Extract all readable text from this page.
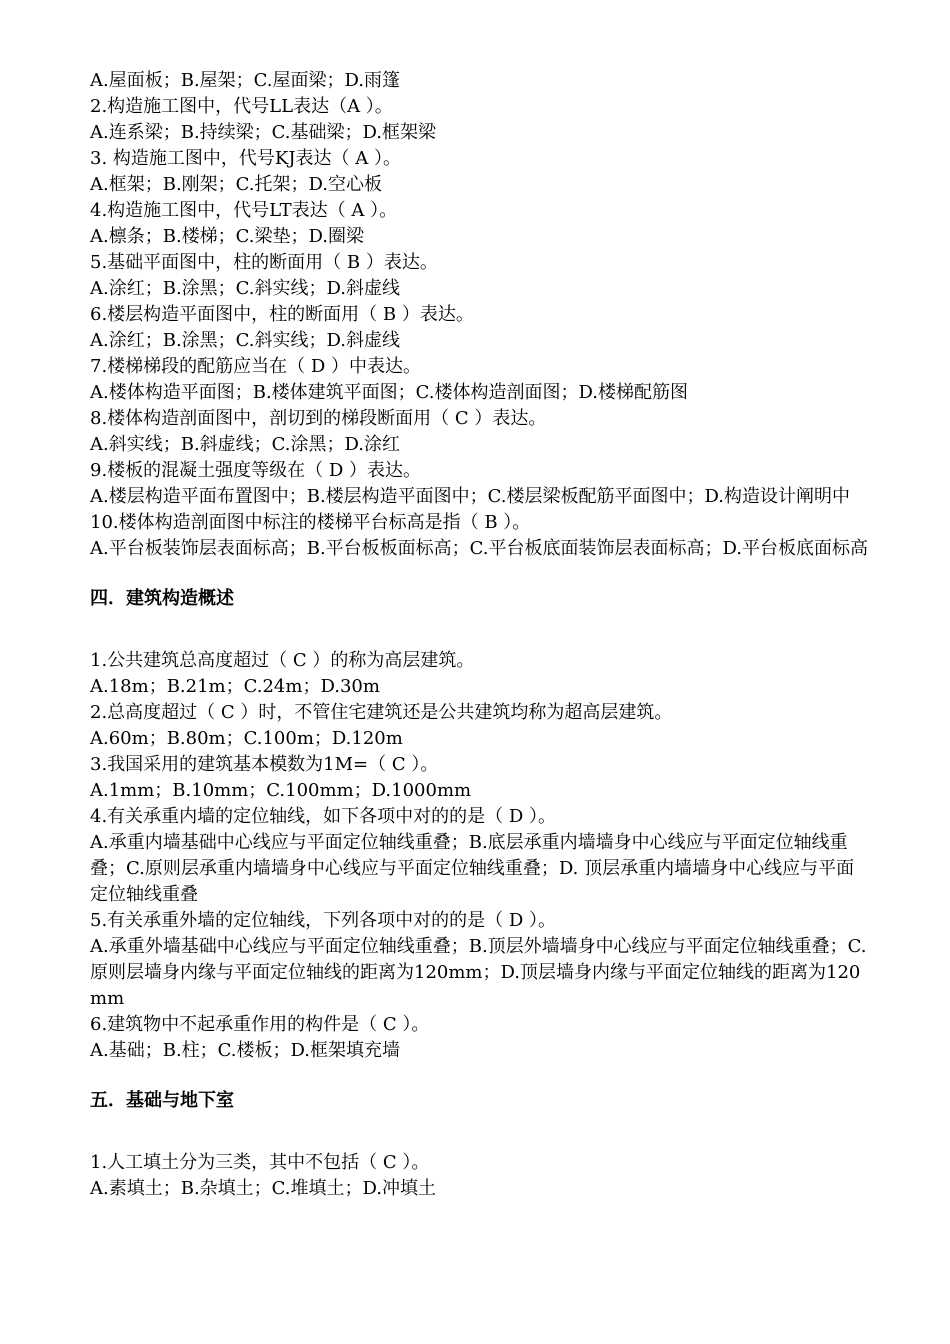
A.屋面板；B.屋架；C.屋面梁；D.雨篷

2.构造施工图中，代号LL表达（A ）。

A.连系梁；B.持续梁；C.基础梁；D.框架梁

3. 构造施工图中，代号KJ表达（ A ）。

A.框架；B.刚架；C.托架；D.空心板

4.构造施工图中，代号LT表达（ A ）。

A.檩条；B.楼梯；C.梁垫；D.圈梁

5.基础平面图中，柱的断面用（ B ）表达。

A.涂红；B.涂黑；C.斜实线；D.斜虚线

6.楼层构造平面图中，柱的断面用（ B ）表达。

A.涂红；B.涂黑；C.斜实线；D.斜虚线

7.楼梯梯段的配筋应当在（ D ）中表达。

A.楼体构造平面图；B.楼体建筑平面图；C.楼体构造剖面图；D.楼梯配筋图

8.楼体构造剖面图中，剖切到的梯段断面用（ C ）表达。

A.斜实线；B.斜虚线；C.涂黑；D.涂红

9.楼板的混凝土强度等级在（ D ）表达。

A.楼层构造平面布置图中；B.楼层构造平面图中；C.楼层梁板配筋平面图中；D.构造设计阐明中

10.楼体构造剖面图中标注的楼梯平台标高是指（ B ）。

A.平台板装饰层表面标高；B.平台板板面标高；C.平台板底面装饰层表面标高；D.平台板底面标高

四．建筑构造概述

1.公共建筑总高度超过（ C ）的称为高层建筑。

A.18m；B.21m；C.24m；D.30m

2.总高度超过（ C ）时，不管住宅建筑还是公共建筑均称为超高层建筑。

A.60m；B.80m；C.100m；D.120m

3.我国采用的建筑基本模数为1M=（ C ）。

A.1mm；B.10mm；C.100mm；D.1000mm

4.有关承重内墙的定位轴线，如下各项中对的的是（ D ）。

A.承重内墙基础中心线应与平面定位轴线重叠；B.底层承重内墙墙身中心线应与平面定位轴线重叠；C.原则层承重内墙墙身中心线应与平面定位轴线重叠；D. 顶层承重内墙墙身中心线应与平面定位轴线重叠

5.有关承重外墙的定位轴线，下列各项中对的的是（ D ）。

A.承重外墙基础中心线应与平面定位轴线重叠；B.顶层外墙墙身中心线应与平面定位轴线重叠；C.原则层墙身内缘与平面定位轴线的距离为120mm；D.顶层墙身内缘与平面定位轴线的距离为120mm

6.建筑物中不起承重作用的构件是（ C ）。

A.基础；B.柱；C.楼板；D.框架填充墙

五．基础与地下室

1.人工填土分为三类，其中不包括（ C ）。

A.素填土；B.杂填土；C.堆填土；D.冲填土
